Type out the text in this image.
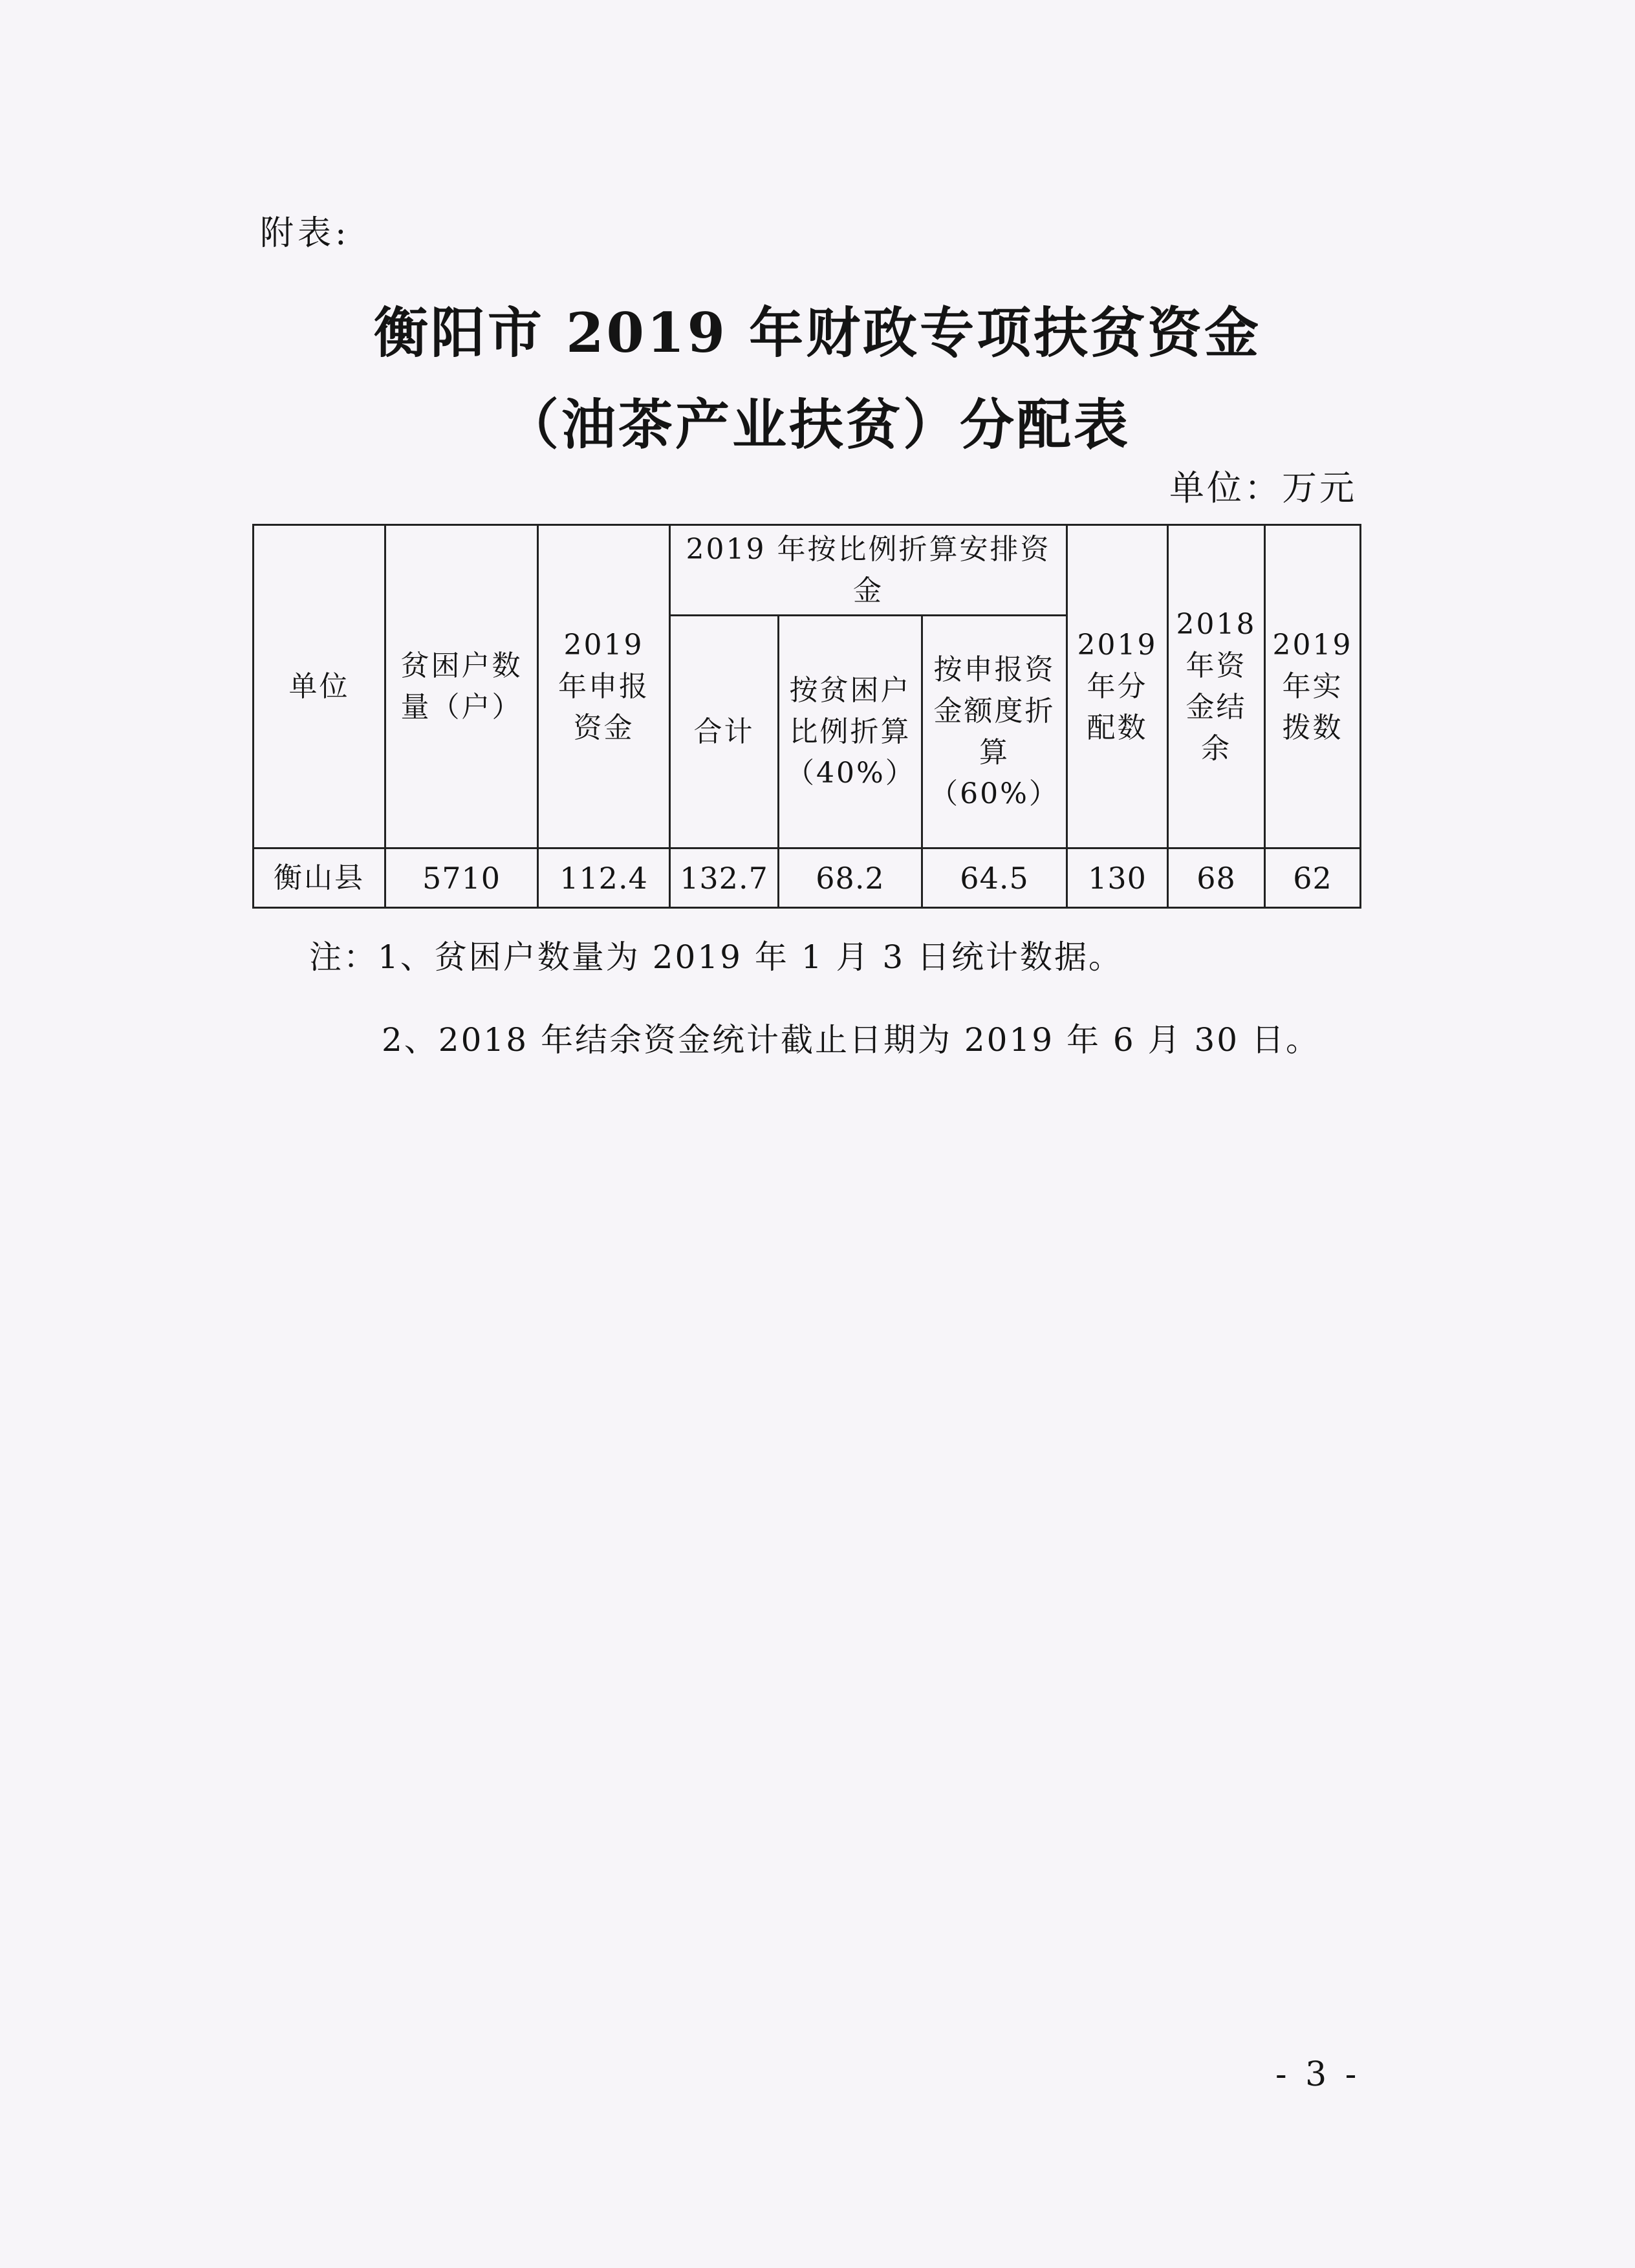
附表:
衡阳市 2019 年财政专项扶贫资金
（油茶产业扶贫）分配表
单位：万元
单位	贫困户数量（户）	2019 年申报资金	2019 年按比例折算安排资金			2019 年分配数	2018 年资金结余	2019 年实拨数
			合计	按贫困户比例折算（40%）	按申报资金额度折算（60%）			
衡山县	5710	112.4	132.7	68.2	64.5	130	68	62
注：1、贫困户数量为 2019 年 1 月 3 日统计数据。
2、2018 年结余资金统计截止日期为 2019 年 6 月 30 日。
- 3 -
